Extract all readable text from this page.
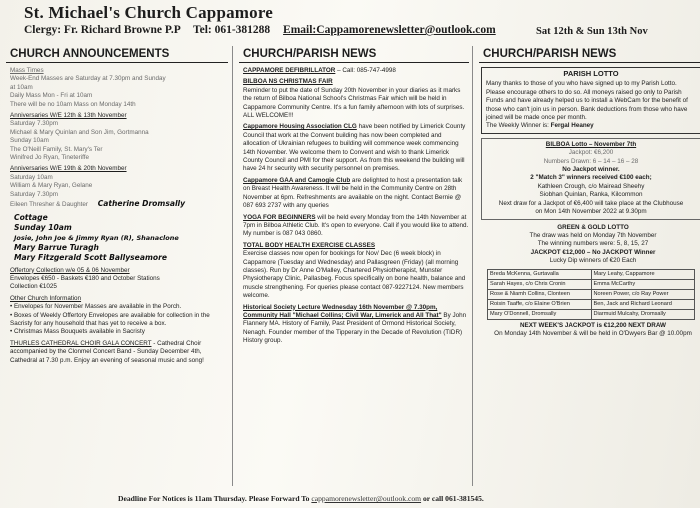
St. Michael's Church Cappamore
Clergy: Fr. Richard Browne P.P Tel: 061-381288 Email:Cappamorenewsletter@outlook.com	Sat 12th & Sun 13th Nov
CHURCH ANNOUNCEMENTS
Mass Times
Week-End Masses are Saturday at 7.30pm and Sunday
at 10am
Daily Mass Mon - Fri at 10am
There will be no 10am Mass on Monday 14th
Anniversaries W/E 12th & 13th November
Saturday 7.30pm
Michael & Mary Quinlan and Son Jim, Gortmanna
Sunday 10am
The O'Neill Family, St. Mary's Ter
Winifred Jo Ryan, Tineteriffe
Anniversaries W/E 19th & 20th November
Saturday 10am
William & Mary Ryan, Gelane
Saturday 7.30pm
Eileen Thresher & Daughter Catherine Dromsally
Cottage
Sunday 10am
Josie, John Joe & Jimmy Ryan (R), Shanaclone
Mary Barrue Turagh
Mary Fitzgerald Scott Ballyseamore
Offertory Collection w/e 05 & 06 November
Envelopes €650 - Baskets €180 and October Stations
Collection €1025
Other Church Information
• Envelopes for November Masses are available in the Porch.
• Boxes of Weekly Offertory Envelopes are available for collection in the Sacristy for any household that has yet to receive a box.
• Christmas Mass Bouquets available in Sacristy
THURLES CATHEDRAL CHOIR GALA CONCERT - Cathedral Choir accompanied by the Clonmel Concert Band - Sunday December 4th, Cathedral at 7.30 p.m. Enjoy an evening of seasonal music and song!
CHURCH/PARISH NEWS
CAPPAMORE DEFIBRILLATOR – Call: 085-747-4998
BILBOA NS CHRISTMAS FAIR
Reminder to put the date of Sunday 20th November in your diaries as it marks the return of Bilboa National School's Christmas Fair which will be held in Cappamore Community Centre. It's a fun family afternoon with lots of surprises. ALL WELCOME!!!
Cappamore Housing Association CLG have been notified by Limerick County Council that work at the Convent building has now been completed and allocation of Ukrainian refugees to building will commence week commencing 14th November. We welcome them to Convent and wish to thank Limerick County Council and PMI for their support. As from this weekend the building will have 24 hr security with security personnel on premises.
Cappamore GAA and Camogie Club are delighted to host a presentation talk on Breast Health Awareness. It will be held in the Community Centre on 28th November at 6pm. Refreshments are available on the night. Contact Bernie @ 087 693 2737 with any queries
YOGA FOR BEGINNERS will be held every Monday from the 14th November at 7pm in Bilboa Athletic Club. It's open to everyone. Call if you would like to attend. My number is 087 043 0860.
TOTAL BODY HEALTH EXERCISE CLASSES
Exercise classes now open for bookings for Nov/ Dec (6 week block) in Cappamore (Tuesday and Wednesday) and Pallasgreen (Friday) (all morning classes). Run by Dr Anne O'Malley, Chartered Physiotherapist, Munster Physiotherapy Clinic, Pallasbeg. Focus specifically on bone health, balance and muscle strengthening. For queries please contact 087-9227124. New members welcome.
Historical Society Lecture Wednesday 16th November @ 7.30pm, Community Hall "Michael Collins; Civil War, Limerick and All That" By John Flannery MA. History of Family, Past President of Ormond Historical Society, Nenagh. Founder member of the Tipperary in the Decade of Revolution (TIDR) History group.
CHURCH/PARISH NEWS
PARISH LOTTO
Many thanks to those of you who have signed up to my Parish Lotto. Please encourage others to do so. All moneys raised go only to Parish Funds and have already helped us to install a WebCam for the benefit of those who can't join us in person. Bank deductions from those who have joined will be made once per month.
The Weekly Winner is: Fergal Heaney
BILBOA Lotto – November 7th
Jackpot: €6,200
Numbers Drawn: 6 – 14 – 16 – 28
No Jackpot winner.
2 "Match 3" winners received €100 each;
Kathleen Crough, c/o Mairead Sheehy
Siobhan Quinlan, Ranka, Kilcommon
Next draw for a Jackpot of €6,400 will take place at the Clubhouse
on Mon 14th November 2022 at 9.30pm
GREEN & GOLD LOTTO
The draw was held on Monday 7th November
The winning numbers were: 5, 8, 15, 27
JACKPOT €12,000 – No JACKPOT Winner
Lucky Dip winners of €20 Each
Breda McKenna, Gurtavalla	Mary Leahy, Cappamore
Sarah Hayes, c/o Chris Cronin	Emma McCarthy
Rose & Niamh Collins, Clonteen	Noreen Power, c/o Ray Power
Roisin Taaffe, c/o Elaine O'Brien	Ben, Jack and Richard Leonard
Mary O'Donnell, Dromsally	Diarmuid Mulcahy, Dromsally
NEXT WEEK'S JACKPOT is €12,200 NEXT DRAW
On Monday 14th November & will be held in O'Dwyers Bar @ 10.00pm
Deadline For Notices is 11am Thursday. Please Forward To cappamorenewsletter@outlook.com or call 061-381545.
